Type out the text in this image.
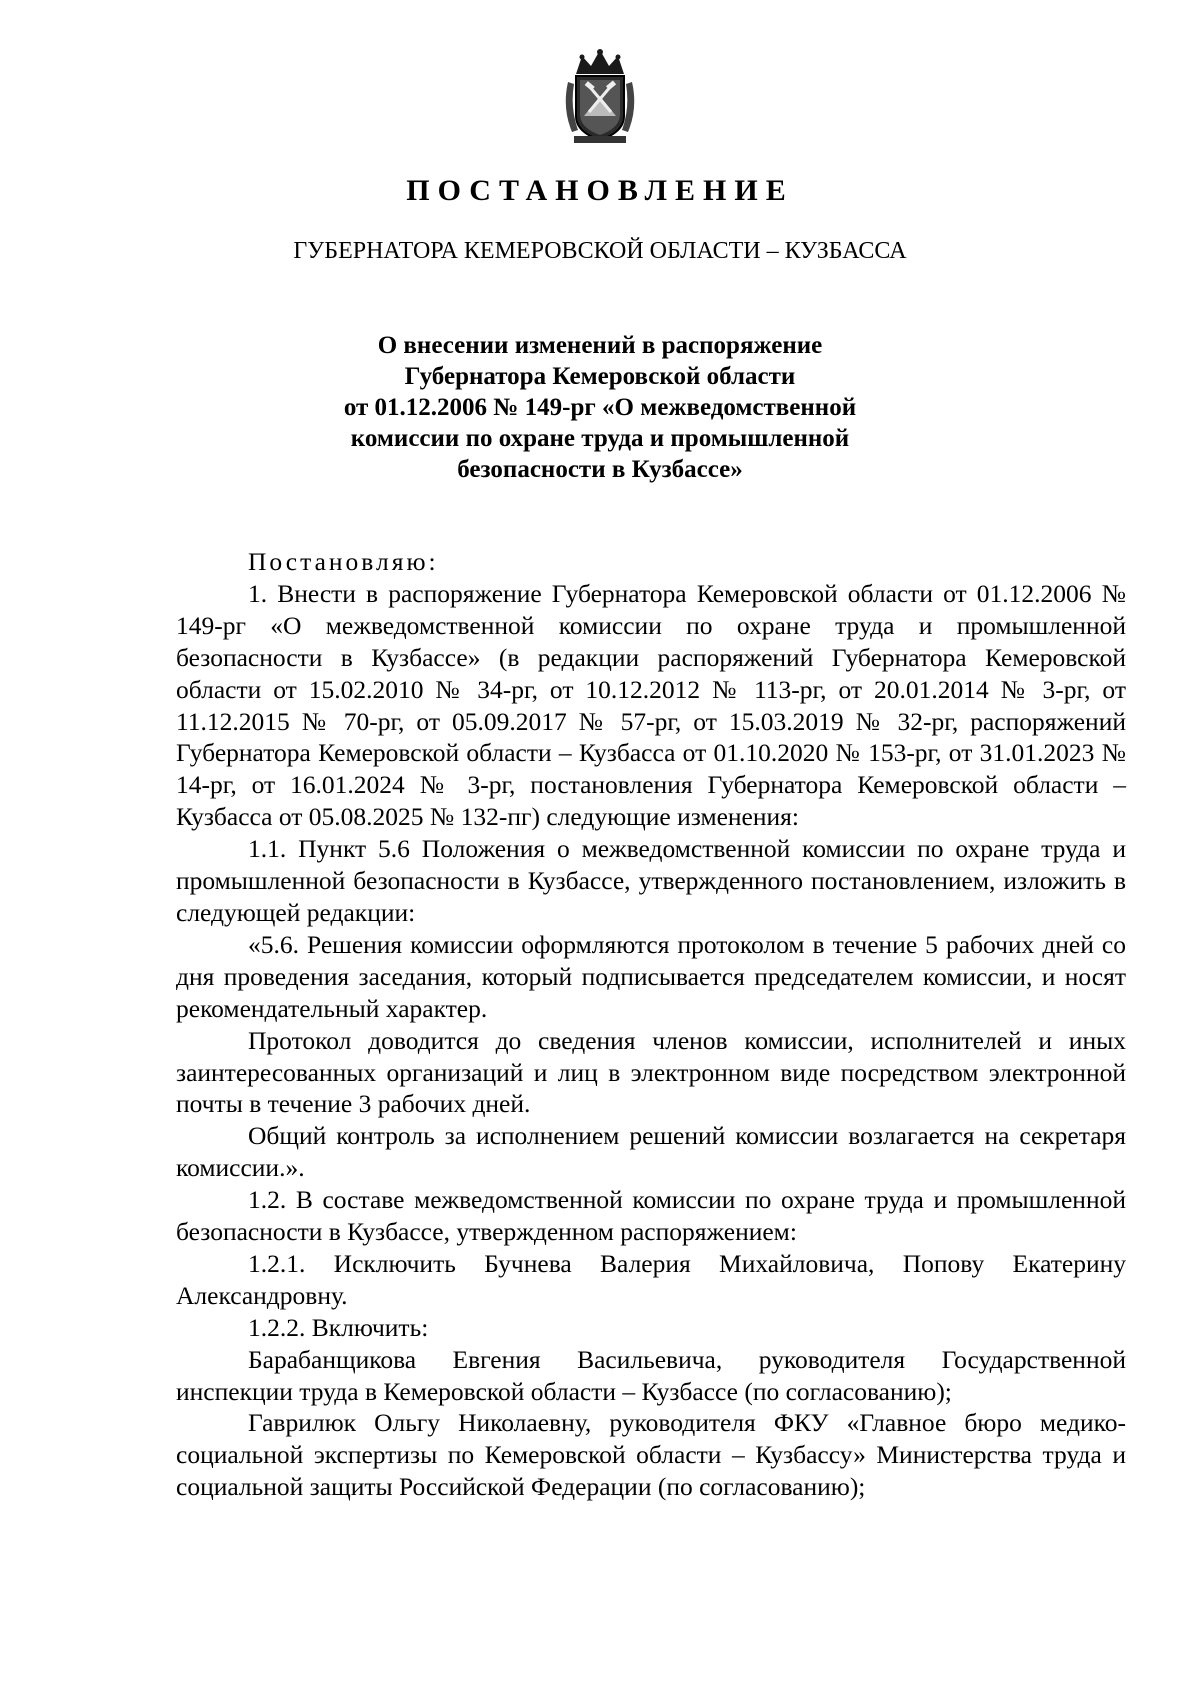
ПОСТАНОВЛЕНИЕ
ГУБЕРНАТОРА КЕМЕРОВСКОЙ ОБЛАСТИ – КУЗБАССА
О внесении изменений в распоряжение
Губернатора Кемеровской области
от 01.12.2006 № 149-рг «О межведомственной
комиссии по охране труда и промышленной
безопасности в Кузбассе»

Постановляю:

1. Внести в распоряжение Губернатора Кемеровской области от 01.12.2006 № 149-рг «О межведомственной комиссии по охране труда и промышленной безопасности в Кузбассе» (в редакции распоряжений Губернатора Кемеровской области от 15.02.2010 № 34-рг, от 10.12.2012 № 113-рг, от 20.01.2014 № 3-рг, от 11.12.2015 № 70-рг, от 05.09.2017 № 57-рг, от 15.03.2019 № 32-рг, распоряжений Губернатора Кемеровской области – Кузбасса от 01.10.2020 № 153-рг, от 31.01.2023 № 14-рг, от 16.01.2024 № 3-рг, постановления Губернатора Кемеровской области – Кузбасса от 05.08.2025 № 132-пг) следующие изменения:

1.1. Пункт 5.6 Положения о межведомственной комиссии по охране труда и промышленной безопасности в Кузбассе, утвержденного постановлением, изложить в следующей редакции:

«5.6. Решения комиссии оформляются протоколом в течение 5 рабочих дней со дня проведения заседания, который подписывается председателем комиссии, и носят рекомендательный характер.

Протокол доводится до сведения членов комиссии, исполнителей и иных заинтересованных организаций и лиц в электронном виде посредством электронной почты в течение 3 рабочих дней.

Общий контроль за исполнением решений комиссии возлагается на секретаря комиссии.».

1.2. В составе межведомственной комиссии по охране труда и промышленной безопасности в Кузбассе, утвержденном распоряжением:

1.2.1. Исключить Бучнева Валерия Михайловича, Попову Екатерину Александровну.

1.2.2. Включить:

Барабанщикова Евгения Васильевича, руководителя Государственной инспекции труда в Кемеровской области – Кузбассе (по согласованию);

Гаврилюк Ольгу Николаевну, руководителя ФКУ «Главное бюро медико-социальной экспертизы по Кемеровской области – Кузбассу» Министерства труда и социальной защиты Российской Федерации (по согласованию);
